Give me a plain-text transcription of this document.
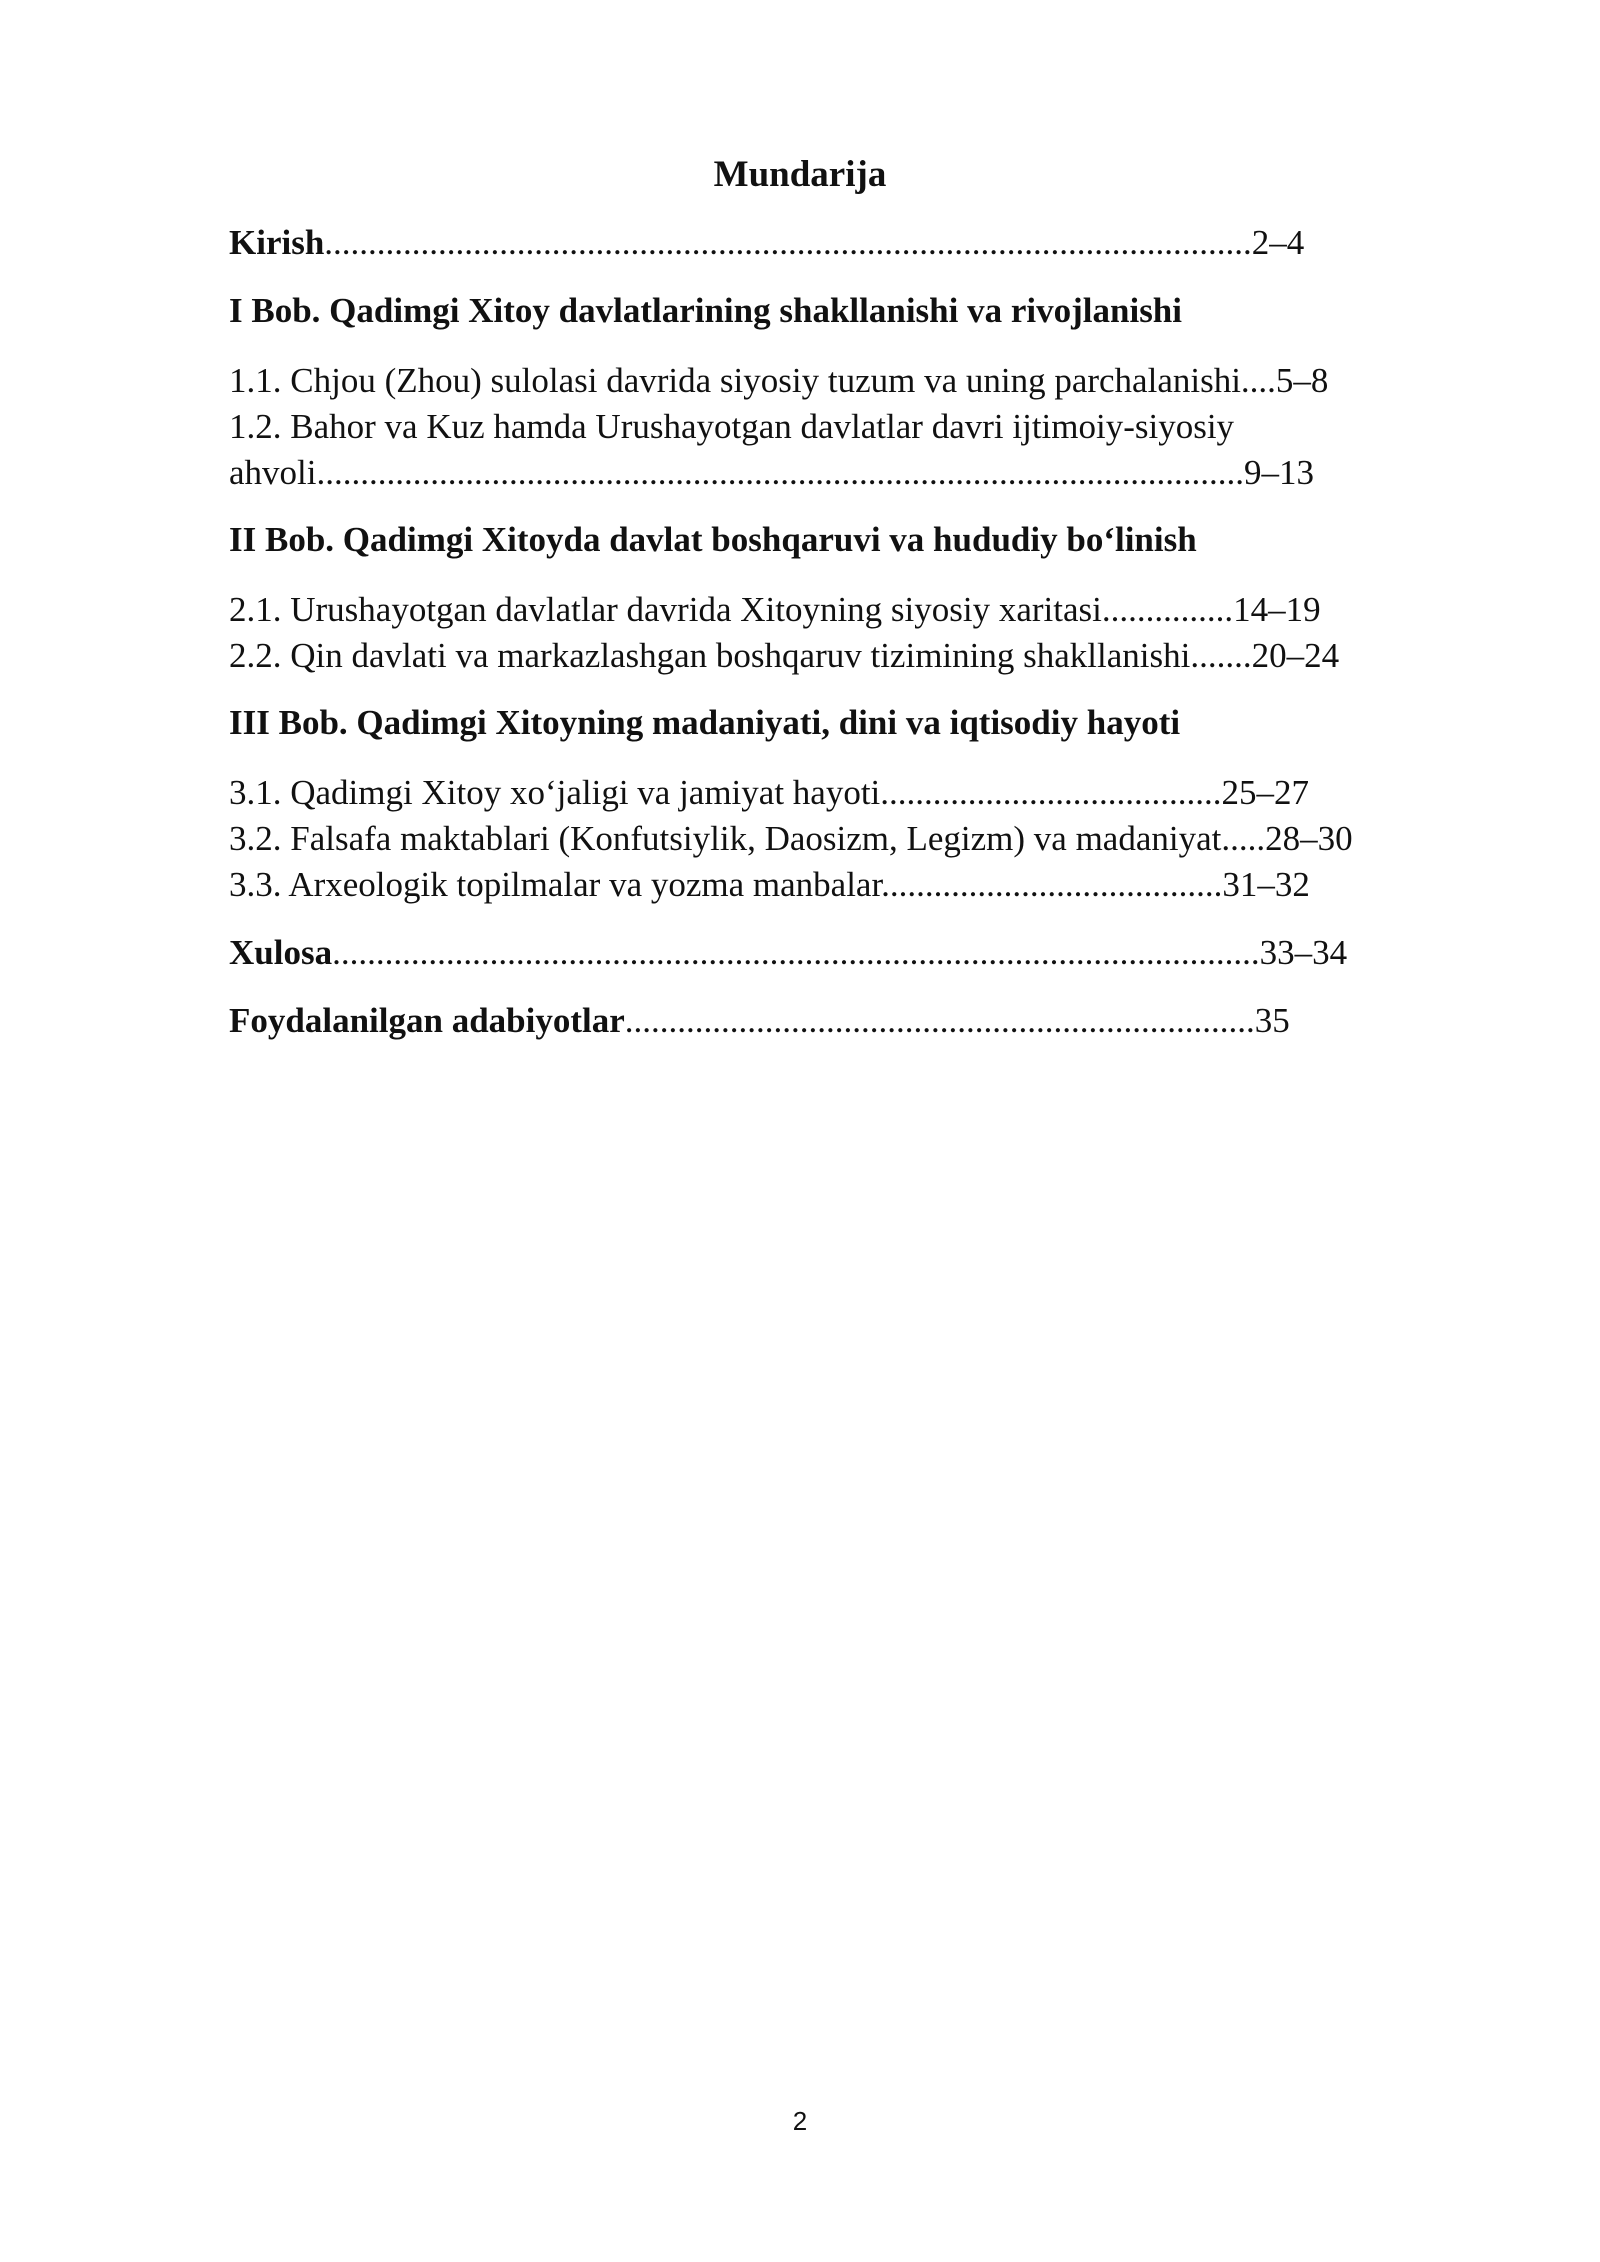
Mundarija
Kirish..........................................................................................................2–4
I Bob. Qadimgi Xitoy davlatlarining shakllanishi va rivojlanishi
1.1. Chjou (Zhou) sulolasi davrida siyosiy tuzum va uning parchalanishi....5–8
1.2. Bahor va Kuz hamda Urushayotgan davlatlar davri ijtimoiy-siyosiy
ahvoli..........................................................................................................9–13
II Bob. Qadimgi Xitoyda davlat boshqaruvi va hududiy bo‘linish
2.1. Urushayotgan davlatlar davrida Xitoyning siyosiy xaritasi...............14–19
2.2. Qin davlati va markazlashgan boshqaruv tizimining shakllanishi.......20–24
III Bob. Qadimgi Xitoyning madaniyati, dini va iqtisodiy hayoti
3.1. Qadimgi Xitoy xo‘jaligi va jamiyat hayoti.......................................25–27
3.2. Falsafa maktablari (Konfutsiylik, Daosizm, Legizm) va madaniyat.....28–30
3.3. Arxeologik topilmalar va yozma manbalar.......................................31–32
Xulosa..........................................................................................................33–34
Foydalanilgan adabiyotlar........................................................................35
2
